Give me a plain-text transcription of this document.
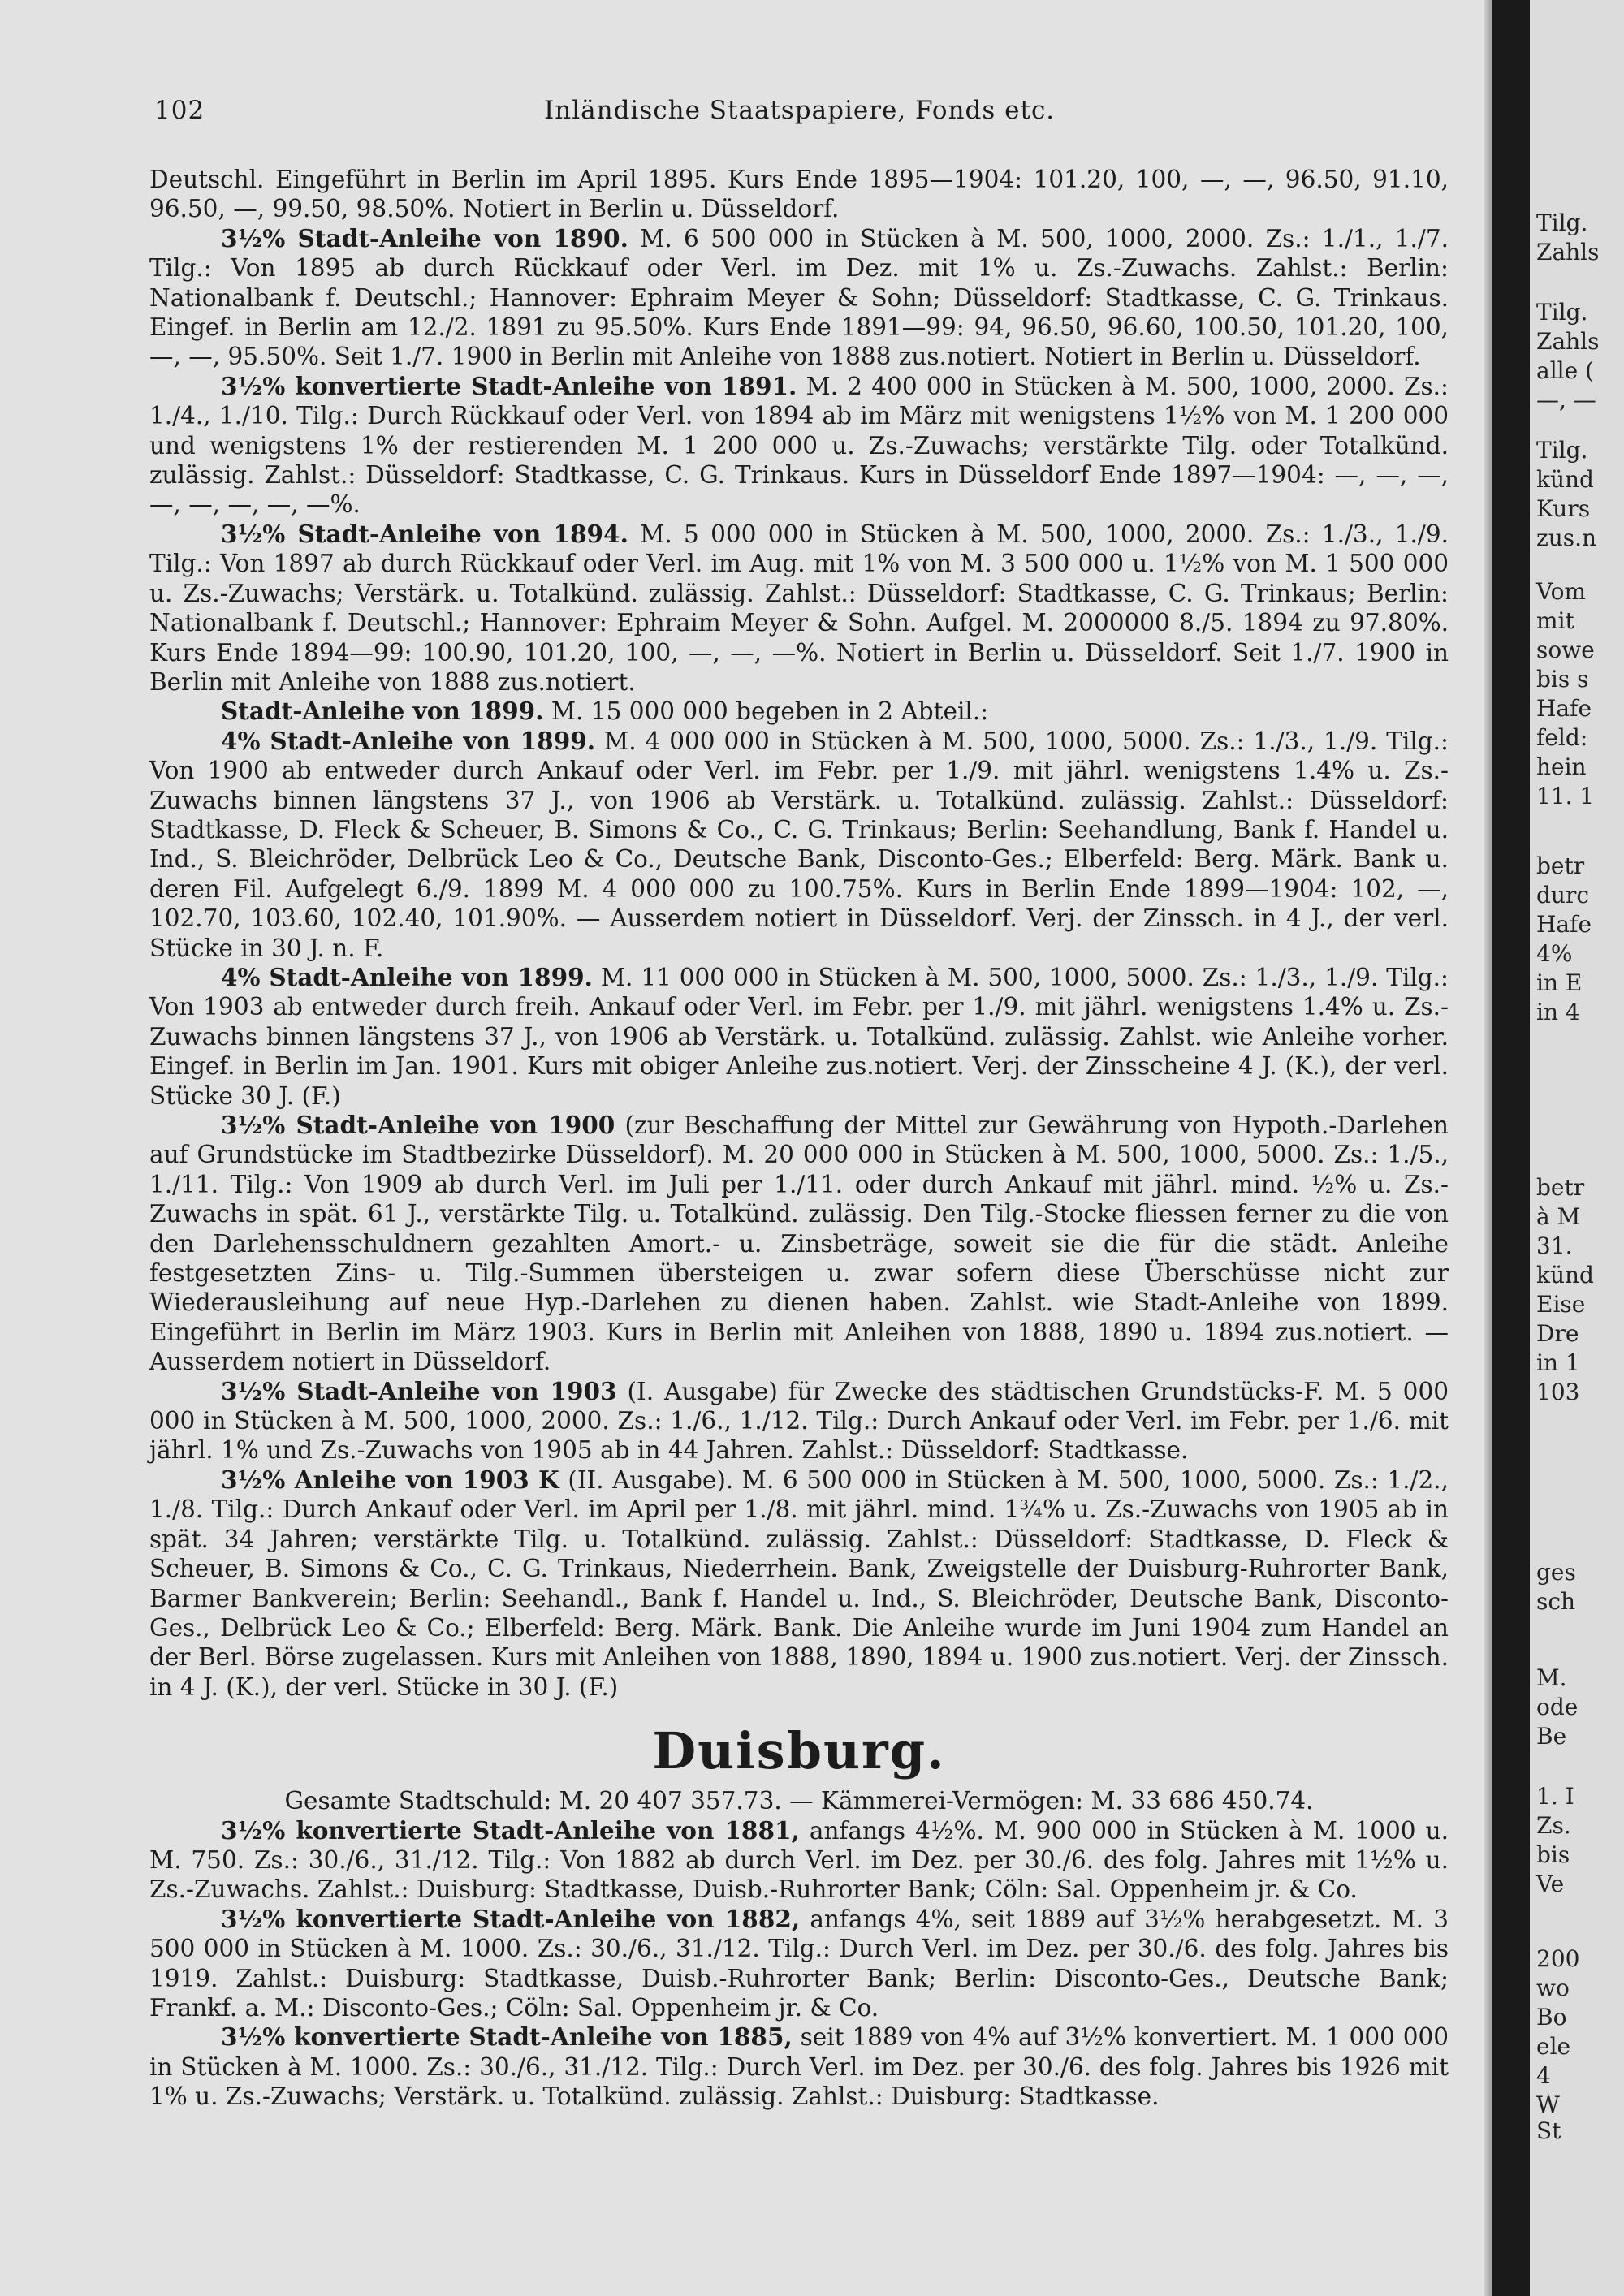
102	Inländische Staatspapiere, Fonds etc.

Deutschl. Eingeführt in Berlin im April 1895. Kurs Ende 1895—1904: 101.20, 100, —, —, 96.50, 91.10, 96.50, —, 99.50, 98.50%. Notiert in Berlin u. Düsseldorf.

3½% Stadt-Anleihe von 1890. M. 6 500 000 in Stücken à M. 500, 1000, 2000. Zs.: 1./1., 1./7. Tilg.: Von 1895 ab durch Rückkauf oder Verl. im Dez. mit 1% u. Zs.-Zuwachs. Zahlst.: Berlin: Nationalbank f. Deutschl.; Hannover: Ephraim Meyer & Sohn; Düsseldorf: Stadtkasse, C. G. Trinkaus. Eingef. in Berlin am 12./2. 1891 zu 95.50%. Kurs Ende 1891—99: 94, 96.50, 96.60, 100.50, 101.20, 100, —, —, 95.50%. Seit 1./7. 1900 in Berlin mit Anleihe von 1888 zus.notiert. Notiert in Berlin u. Düsseldorf.

3½% konvertierte Stadt-Anleihe von 1891. M. 2 400 000 in Stücken à M. 500, 1000, 2000. Zs.: 1./4., 1./10. Tilg.: Durch Rückkauf oder Verl. von 1894 ab im März mit wenigstens 1½% von M. 1 200 000 und wenigstens 1% der restierenden M. 1 200 000 u. Zs.-Zuwachs; verstärkte Tilg. oder Totalkünd. zulässig. Zahlst.: Düsseldorf: Stadtkasse, C. G. Trinkaus. Kurs in Düsseldorf Ende 1897—1904: —, —, —, —, —, —, —, —%.

3½% Stadt-Anleihe von 1894. M. 5 000 000 in Stücken à M. 500, 1000, 2000. Zs.: 1./3., 1./9. Tilg.: Von 1897 ab durch Rückkauf oder Verl. im Aug. mit 1% von M. 3 500 000 u. 1½% von M. 1 500 000 u. Zs.-Zuwachs; Verstärk. u. Totalkünd. zulässig. Zahlst.: Düsseldorf: Stadtkasse, C. G. Trinkaus; Berlin: Nationalbank f. Deutschl.; Hannover: Ephraim Meyer & Sohn. Aufgel. M. 2000000 8./5. 1894 zu 97.80%. Kurs Ende 1894—99: 100.90, 101.20, 100, —, —, —%. Notiert in Berlin u. Düsseldorf. Seit 1./7. 1900 in Berlin mit Anleihe von 1888 zus.notiert.

Stadt-Anleihe von 1899. M. 15 000 000 begeben in 2 Abteil.:

4% Stadt-Anleihe von 1899. M. 4 000 000 in Stücken à M. 500, 1000, 5000. Zs.: 1./3., 1./9. Tilg.: Von 1900 ab entweder durch Ankauf oder Verl. im Febr. per 1./9. mit jährl. wenigstens 1.4% u. Zs.-Zuwachs binnen längstens 37 J., von 1906 ab Verstärk. u. Totalkünd. zulässig. Zahlst.: Düsseldorf: Stadtkasse, D. Fleck & Scheuer, B. Simons & Co., C. G. Trinkaus; Berlin: Seehandlung, Bank f. Handel u. Ind., S. Bleichröder, Delbrück Leo & Co., Deutsche Bank, Disconto-Ges.; Elberfeld: Berg. Märk. Bank u. deren Fil. Aufgelegt 6./9. 1899 M. 4 000 000 zu 100.75%. Kurs in Berlin Ende 1899—1904: 102, —, 102.70, 103.60, 102.40, 101.90%. — Ausserdem notiert in Düsseldorf. Verj. der Zinssch. in 4 J., der verl. Stücke in 30 J. n. F.

4% Stadt-Anleihe von 1899. M. 11 000 000 in Stücken à M. 500, 1000, 5000. Zs.: 1./3., 1./9. Tilg.: Von 1903 ab entweder durch freih. Ankauf oder Verl. im Febr. per 1./9. mit jährl. wenigstens 1.4% u. Zs.-Zuwachs binnen längstens 37 J., von 1906 ab Verstärk. u. Totalkünd. zulässig. Zahlst. wie Anleihe vorher. Eingef. in Berlin im Jan. 1901. Kurs mit obiger Anleihe zus.notiert. Verj. der Zinsscheine 4 J. (K.), der verl. Stücke 30 J. (F.)

3½% Stadt-Anleihe von 1900 (zur Beschaffung der Mittel zur Gewährung von Hypoth.-Darlehen auf Grundstücke im Stadtbezirke Düsseldorf). M. 20 000 000 in Stücken à M. 500, 1000, 5000. Zs.: 1./5., 1./11. Tilg.: Von 1909 ab durch Verl. im Juli per 1./11. oder durch Ankauf mit jährl. mind. ½% u. Zs.-Zuwachs in spät. 61 J., verstärkte Tilg. u. Totalkünd. zulässig. Den Tilg.-Stocke fliessen ferner zu die von den Darlehensschuldnern gezahlten Amort.- u. Zinsbeträge, soweit sie die für die städt. Anleihe festgesetzten Zins- u. Tilg.-Summen übersteigen u. zwar sofern diese Überschüsse nicht zur Wiederausleihung auf neue Hyp.-Darlehen zu dienen haben. Zahlst. wie Stadt-Anleihe von 1899. Eingeführt in Berlin im März 1903. Kurs in Berlin mit Anleihen von 1888, 1890 u. 1894 zus.notiert. — Ausserdem notiert in Düsseldorf.

3½% Stadt-Anleihe von 1903 (I. Ausgabe) für Zwecke des städtischen Grundstücks-F. M. 5 000 000 in Stücken à M. 500, 1000, 2000. Zs.: 1./6., 1./12. Tilg.: Durch Ankauf oder Verl. im Febr. per 1./6. mit jährl. 1% und Zs.-Zuwachs von 1905 ab in 44 Jahren. Zahlst.: Düsseldorf: Stadtkasse.

3½% Anleihe von 1903 K (II. Ausgabe). M. 6 500 000 in Stücken à M. 500, 1000, 5000. Zs.: 1./2., 1./8. Tilg.: Durch Ankauf oder Verl. im April per 1./8. mit jährl. mind. 1¾% u. Zs.-Zuwachs von 1905 ab in spät. 34 Jahren; verstärkte Tilg. u. Totalkünd. zulässig. Zahlst.: Düsseldorf: Stadtkasse, D. Fleck & Scheuer, B. Simons & Co., C. G. Trinkaus, Niederrhein. Bank, Zweigstelle der Duisburg-Ruhrorter Bank, Barmer Bankverein; Berlin: Seehandl., Bank f. Handel u. Ind., S. Bleichröder, Deutsche Bank, Disconto-Ges., Delbrück Leo & Co.; Elberfeld: Berg. Märk. Bank. Die Anleihe wurde im Juni 1904 zum Handel an der Berl. Börse zugelassen. Kurs mit Anleihen von 1888, 1890, 1894 u. 1900 zus.notiert. Verj. der Zinssch. in 4 J. (K.), der verl. Stücke in 30 J. (F.)

Duisburg.

Gesamte Stadtschuld: M. 20 407 357.73. — Kämmerei-Vermögen: M. 33 686 450.74.

3½% konvertierte Stadt-Anleihe von 1881, anfangs 4½%. M. 900 000 in Stücken à M. 1000 u. M. 750. Zs.: 30./6., 31./12. Tilg.: Von 1882 ab durch Verl. im Dez. per 30./6. des folg. Jahres mit 1½% u. Zs.-Zuwachs. Zahlst.: Duisburg: Stadtkasse, Duisb.-Ruhrorter Bank; Cöln: Sal. Oppenheim jr. & Co.

3½% konvertierte Stadt-Anleihe von 1882, anfangs 4%, seit 1889 auf 3½% herabgesetzt. M. 3 500 000 in Stücken à M. 1000. Zs.: 30./6., 31./12. Tilg.: Durch Verl. im Dez. per 30./6. des folg. Jahres bis 1919. Zahlst.: Duisburg: Stadtkasse, Duisb.-Ruhrorter Bank; Berlin: Disconto-Ges., Deutsche Bank; Frankf. a. M.: Disconto-Ges.; Cöln: Sal. Oppenheim jr. & Co.

3½% konvertierte Stadt-Anleihe von 1885, seit 1889 von 4% auf 3½% konvertiert. M. 1 000 000 in Stücken à M. 1000. Zs.: 30./6., 31./12. Tilg.: Durch Verl. im Dez. per 30./6. des folg. Jahres bis 1926 mit 1% u. Zs.-Zuwachs; Verstärk. u. Totalkünd. zulässig. Zahlst.: Duisburg: Stadtkasse.

Tilg.
Zahls
Tilg.
Zahls
alle (
—, —
Tilg.
künd
Kurs
zus.n
Vom
mit
sowe
bis s
Hafe
feld:
hein
11. 1
betr
durc
Hafe
4%
in E
in 4
betr
à M
31.
künd
Eise
Dre
in 1
103
ges
sch
M.
ode
Be
1. I
Zs.
bis
Ve
200
wo
Bo
ele
4
W
St
